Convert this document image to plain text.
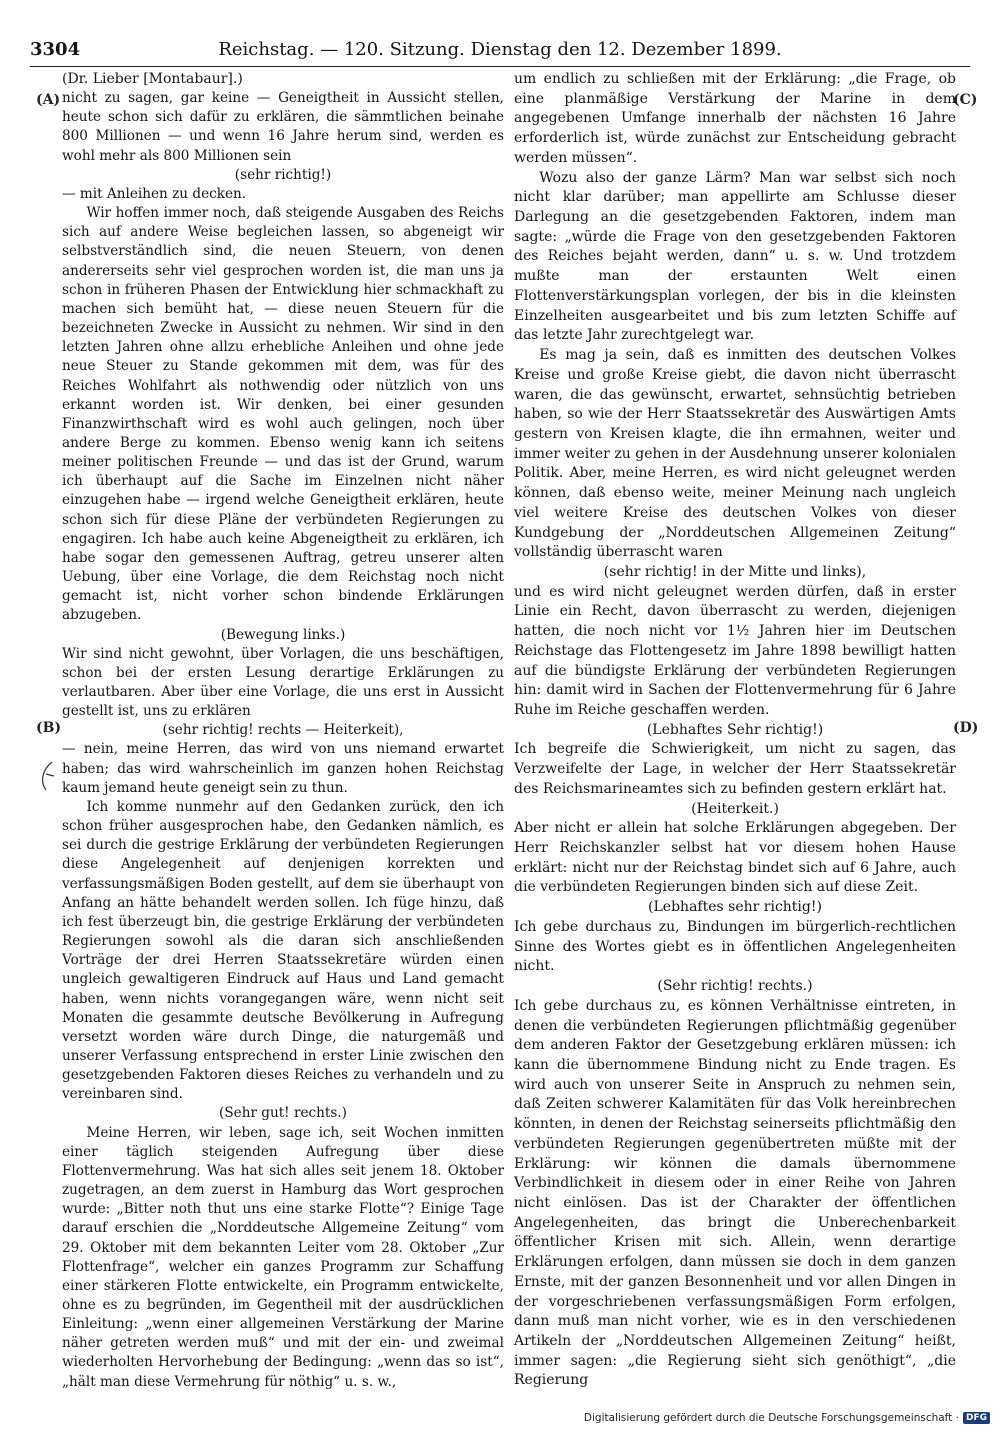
3304	Reichstag. — 120. Sitzung. Dienstag den 12. Dezember 1899.
(A)
(B)
(C)
(D)

(Dr. Lieber [Montabaur].)

nicht zu sagen, gar keine — Geneigtheit in Aussicht stellen, heute schon sich dafür zu erklären, die sämmtlichen beinahe 800 Millionen — und wenn 16 Jahre herum sind, werden es wohl mehr als 800 Millionen sein

(sehr richtig!)

— mit Anleihen zu decken.

Wir hoffen immer noch, daß steigende Ausgaben des Reichs sich auf andere Weise begleichen lassen, so abgeneigt wir selbstverständlich sind, die neuen Steuern, von denen andererseits sehr viel gesprochen worden ist, die man uns ja schon in früheren Phasen der Entwicklung hier schmackhaft zu machen sich bemüht hat, — diese neuen Steuern für die bezeichneten Zwecke in Aussicht zu nehmen. Wir sind in den letzten Jahren ohne allzu erhebliche Anleihen und ohne jede neue Steuer zu Stande gekommen mit dem, was für des Reiches Wohlfahrt als nothwendig oder nützlich von uns erkannt worden ist. Wir denken, bei einer gesunden Finanzwirthschaft wird es wohl auch gelingen, noch über andere Berge zu kommen. Ebenso wenig kann ich seitens meiner politischen Freunde — und das ist der Grund, warum ich überhaupt auf die Sache im Einzelnen nicht näher einzugehen habe — irgend welche Geneigtheit erklären, heute schon sich für diese Pläne der verbündeten Regierungen zu engagiren. Ich habe auch keine Abgeneigtheit zu erklären, ich habe sogar den gemessenen Auftrag, getreu unserer alten Uebung, über eine Vorlage, die dem Reichstag noch nicht gemacht ist, nicht vorher schon bindende Erklärungen abzugeben.

(Bewegung links.)

Wir sind nicht gewohnt, über Vorlagen, die uns beschäftigen, schon bei der ersten Lesung derartige Erklärungen zu verlautbaren. Aber über eine Vorlage, die uns erst in Aussicht gestellt ist, uns zu erklären

(sehr richtig! rechts — Heiterkeit),

— nein, meine Herren, das wird von uns niemand erwartet haben; das wird wahrscheinlich im ganzen hohen Reichstag kaum jemand heute geneigt sein zu thun.

Ich komme nunmehr auf den Gedanken zurück, den ich schon früher ausgesprochen habe, den Gedanken nämlich, es sei durch die gestrige Erklärung der verbündeten Regierungen diese Angelegenheit auf denjenigen korrekten und verfassungsmäßigen Boden gestellt, auf dem sie überhaupt von Anfang an hätte behandelt werden sollen. Ich füge hinzu, daß ich fest überzeugt bin, die gestrige Erklärung der verbündeten Regierungen sowohl als die daran sich anschließenden Vorträge der drei Herren Staatssekretäre würden einen ungleich gewaltigeren Eindruck auf Haus und Land gemacht haben, wenn nichts vorangegangen wäre, wenn nicht seit Monaten die gesammte deutsche Bevölkerung in Aufregung versetzt worden wäre durch Dinge, die naturgemäß und unserer Verfassung entsprechend in erster Linie zwischen den gesetzgebenden Faktoren dieses Reiches zu verhandeln und zu vereinbaren sind.

(Sehr gut! rechts.)

Meine Herren, wir leben, sage ich, seit Wochen inmitten einer täglich steigenden Aufregung über diese Flottenvermehrung. Was hat sich alles seit jenem 18. Oktober zugetragen, an dem zuerst in Hamburg das Wort gesprochen wurde: „Bitter noth thut uns eine starke Flotte“? Einige Tage darauf erschien die „Norddeutsche Allgemeine Zeitung“ vom 29. Oktober mit dem bekannten Leiter vom 28. Oktober „Zur Flottenfrage“, welcher ein ganzes Programm zur Schaffung einer stärkeren Flotte entwickelte, ein Programm entwickelte, ohne es zu begründen, im Gegentheil mit der ausdrücklichen Einleitung: „wenn einer allgemeinen Verstärkung der Marine näher getreten werden muß“ und mit der ein- und zweimal wiederholten Hervorhebung der Bedingung: „wenn das so ist“, „hält man diese Vermehrung für nöthig“ u. s. w.,

um endlich zu schließen mit der Erklärung: „die Frage, ob eine planmäßige Verstärkung der Marine in dem angegebenen Umfange innerhalb der nächsten 16 Jahre erforderlich ist, würde zunächst zur Entscheidung gebracht werden müssen“.

Wozu also der ganze Lärm? Man war selbst sich noch nicht klar darüber; man appellirte am Schlusse dieser Darlegung an die gesetzgebenden Faktoren, indem man sagte: „würde die Frage von den gesetzgebenden Faktoren des Reiches bejaht werden, dann“ u. s. w. Und trotzdem mußte man der erstaunten Welt einen Flottenverstärkungsplan vorlegen, der bis in die kleinsten Einzelheiten ausgearbeitet und bis zum letzten Schiffe auf das letzte Jahr zurechtgelegt war.

Es mag ja sein, daß es inmitten des deutschen Volkes Kreise und große Kreise giebt, die davon nicht überrascht waren, die das gewünscht, erwartet, sehnsüchtig betrieben haben, so wie der Herr Staatssekretär des Auswärtigen Amts gestern von Kreisen klagte, die ihn ermahnen, weiter und immer weiter zu gehen in der Ausdehnung unserer kolonialen Politik. Aber, meine Herren, es wird nicht geleugnet werden können, daß ebenso weite, meiner Meinung nach ungleich viel weitere Kreise des deutschen Volkes von dieser Kundgebung der „Norddeutschen Allgemeinen Zeitung“ vollständig überrascht waren

(sehr richtig! in der Mitte und links),

und es wird nicht geleugnet werden dürfen, daß in erster Linie ein Recht, davon überrascht zu werden, diejenigen hatten, die noch nicht vor 1½ Jahren hier im Deutschen Reichstage das Flottengesetz im Jahre 1898 bewilligt hatten auf die bündigste Erklärung der verbündeten Regierungen hin: damit wird in Sachen der Flottenvermehrung für 6 Jahre Ruhe im Reiche geschaffen werden.

(Lebhaftes Sehr richtig!)

Ich begreife die Schwierigkeit, um nicht zu sagen, das Verzweifelte der Lage, in welcher der Herr Staatssekretär des Reichsmarineamtes sich zu befinden gestern erklärt hat.

(Heiterkeit.)

Aber nicht er allein hat solche Erklärungen abgegeben. Der Herr Reichskanzler selbst hat vor diesem hohen Hause erklärt: nicht nur der Reichstag bindet sich auf 6 Jahre, auch die verbündeten Regierungen binden sich auf diese Zeit.

(Lebhaftes sehr richtig!)

Ich gebe durchaus zu, Bindungen im bürgerlich-rechtlichen Sinne des Wortes giebt es in öffentlichen Angelegenheiten nicht.

(Sehr richtig! rechts.)

Ich gebe durchaus zu, es können Verhältnisse eintreten, in denen die verbündeten Regierungen pflichtmäßig gegenüber dem anderen Faktor der Gesetzgebung erklären müssen: ich kann die übernommene Bindung nicht zu Ende tragen. Es wird auch von unserer Seite in Anspruch zu nehmen sein, daß Zeiten schwerer Kalamitäten für das Volk hereinbrechen könnten, in denen der Reichstag seinerseits pflichtmäßig den verbündeten Regierungen gegenübertreten müßte mit der Erklärung: wir können die damals übernommene Verbindlichkeit in diesem oder in einer Reihe von Jahren nicht einlösen. Das ist der Charakter der öffentlichen Angelegenheiten, das bringt die Unberechenbarkeit öffentlicher Krisen mit sich. Allein, wenn derartige Erklärungen erfolgen, dann müssen sie doch in dem ganzen Ernste, mit der ganzen Besonnenheit und vor allen Dingen in der vorgeschriebenen verfassungsmäßigen Form erfolgen, dann muß man nicht vorher, wie es in den verschiedenen Artikeln der „Norddeutschen Allgemeinen Zeitung“ heißt, immer sagen: „die Regierung sieht sich genöthigt“, „die Regierung

Digitalisierung gefördert durch die Deutsche Forschungsgemeinschaft · DFG
